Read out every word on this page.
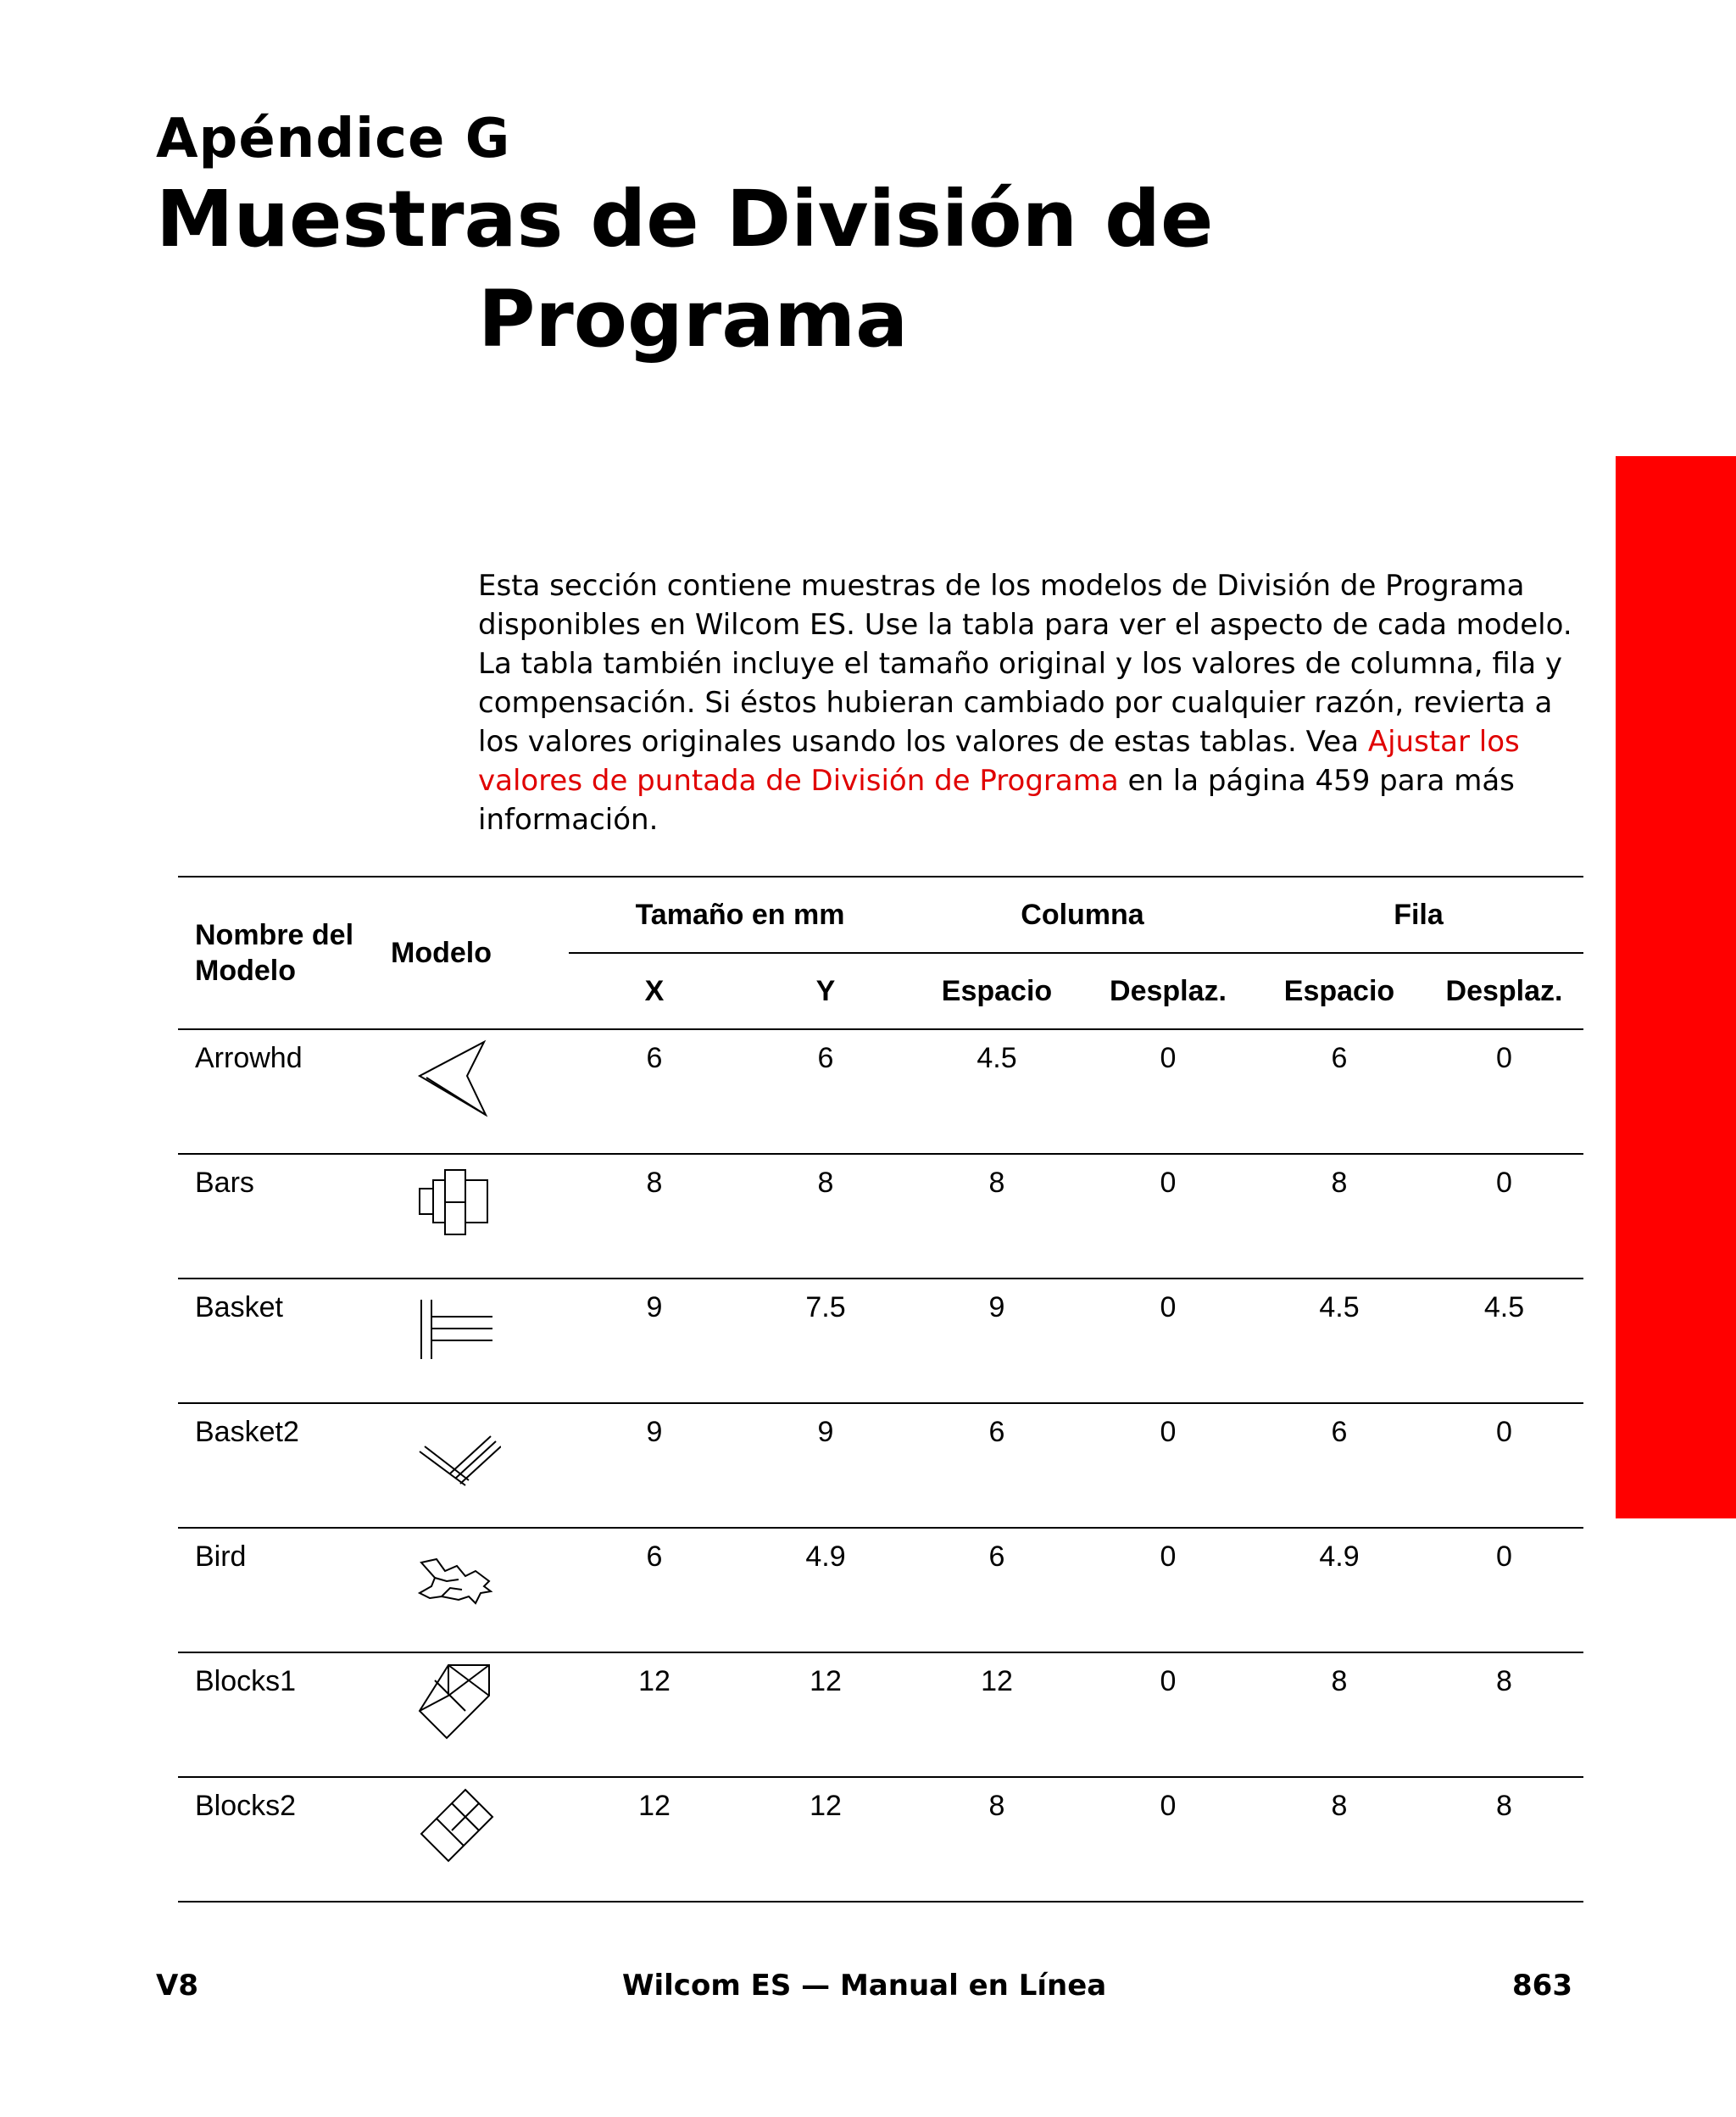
Apéndice G
Muestras de División de
Programa

Esta sección contiene muestras de los modelos de División de Programa disponibles en Wilcom ES. Use la tabla para ver el aspecto de cada modelo. La tabla también incluye el tamaño original y los valores de columna, fila y compensación. Si éstos hubieran cambiado por cualquier razón, revierta a los valores originales usando los valores de estas tablas. Vea Ajustar los valores de puntada de División de Programa en la página 459 para más información.

Nombre del Modelo	Modelo	Tamaño en mm		Columna		Fila	
		X	Y	Espacio	Desplaz.	Espacio	Desplaz.
Arrowhd		6	6	4.5	0	6	0
Bars		8	8	8	0	8	0
Basket		9	7.5	9	0	4.5	4.5
Basket2		9	9	6	0	6	0
Bird		6	4.9	6	0	4.9	0
Blocks1		12	12	12	0	8	8
Blocks2		12	12	8	0	8	8
V8	Wilcom ES — Manual en Línea	863
